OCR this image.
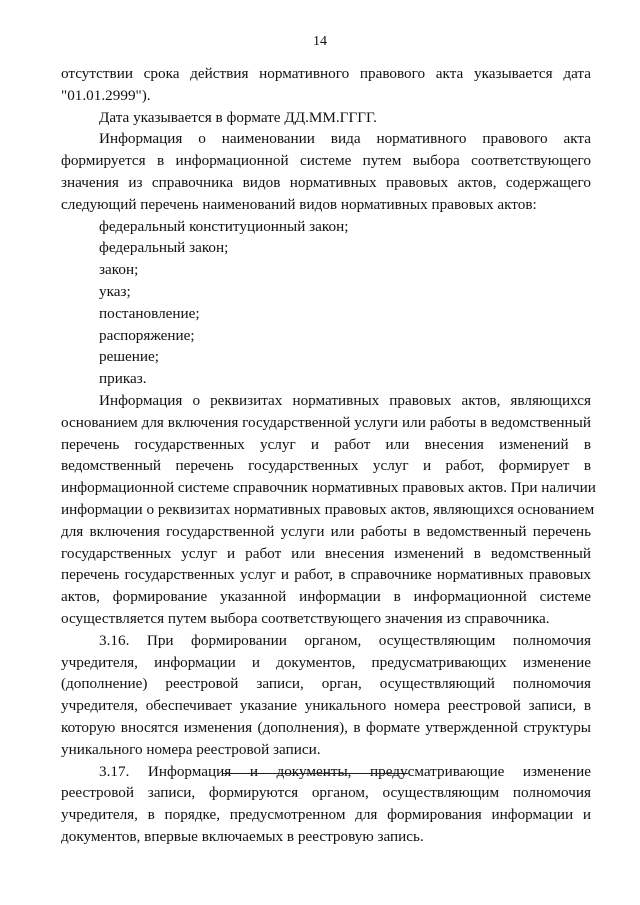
14
отсутствии срока действия нормативного правового акта указывается дата
"01.01.2999").
Дата указывается в формате ДД.ММ.ГГГГ.
Информация о наименовании вида нормативного правового акта
формируется в информационной системе путем выбора соответствующего
значения из справочника видов нормативных правовых актов, содержащего
следующий перечень наименований видов нормативных правовых актов:
федеральный конституционный закон;
федеральный закон;
закон;
указ;
постановление;
распоряжение;
решение;
приказ.
Информация о реквизитах нормативных правовых актов, являющихся
основанием для включения государственной услуги или работы в ведомственный
перечень государственных услуг и работ или внесения изменений в
ведомственный перечень государственных услуг и работ, формирует в
информационной системе справочник нормативных правовых актов. При наличии
информации о реквизитах нормативных правовых актов, являющихся основанием
для включения государственной услуги или работы в ведомственный перечень
государственных услуг и работ или внесения изменений в ведомственный
перечень государственных услуг и работ, в справочнике нормативных правовых
актов, формирование указанной информации в информационной системе
осуществляется путем выбора соответствующего значения из справочника.
3.16. При формировании органом, осуществляющим полномочия
учредителя, информации и документов, предусматривающих изменение
(дополнение) реестровой записи, орган, осуществляющий полномочия
учредителя, обеспечивает указание уникального номера реестровой записи, в
которую вносятся изменения (дополнения), в формате утвержденной структуры
уникального номера реестровой записи.
3.17. Информация и документы, предусматривающие изменение
реестровой записи, формируются органом, осуществляющим полномочия
учредителя, в порядке, предусмотренном для формирования информации и
документов, впервые включаемых в реестровую запись.
